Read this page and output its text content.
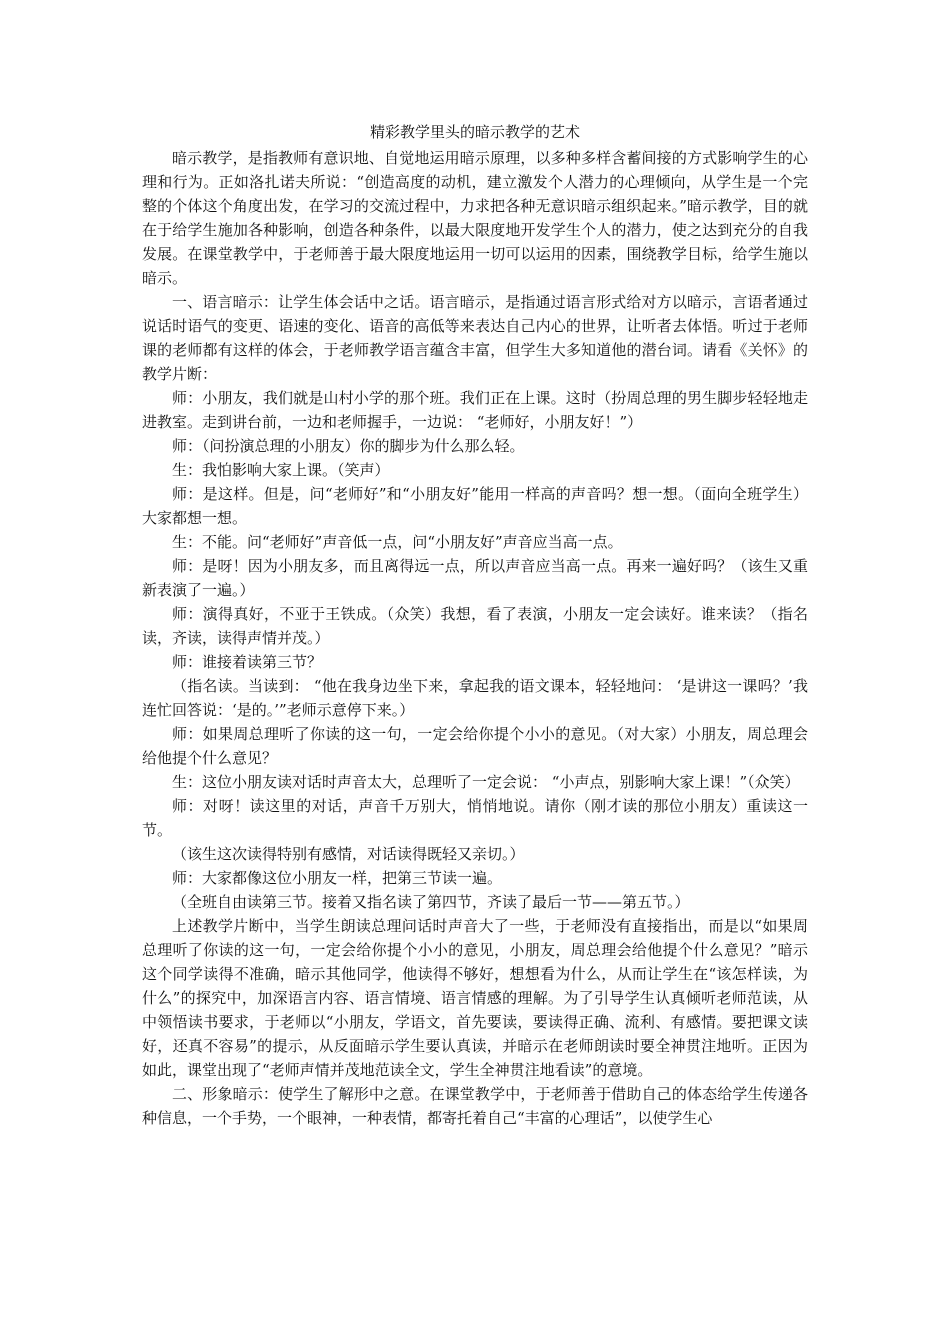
精彩教学里头的暗示教学的艺术

暗示教学，是指教师有意识地、自觉地运用暗示原理，以多种多样含蓄间接的方式影响学生的心理和行为。正如洛扎诺夫所说：“创造高度的动机，建立激发个人潜力的心理倾向，从学生是一个完整的个体这个角度出发，在学习的交流过程中，力求把各种无意识暗示组织起来。”暗示教学，目的就在于给学生施加各种影响，创造各种条件，以最大限度地开发学生个人的潜力，使之达到充分的自我发展。在课堂教学中，于老师善于最大限度地运用一切可以运用的因素，围绕教学目标，给学生施以暗示。

一、语言暗示：让学生体会话中之话。语言暗示，是指通过语言形式给对方以暗示，言语者通过说话时语气的变更、语速的变化、语音的高低等来表达自己内心的世界，让听者去体悟。听过于老师课的老师都有这样的体会，于老师教学语言蕴含丰富，但学生大多知道他的潜台词。请看《关怀》的教学片断：

师：小朋友，我们就是山村小学的那个班。我们正在上课。这时（扮周总理的男生脚步轻轻地走进教室。走到讲台前，一边和老师握手，一边说： “老师好，小朋友好！”）

师：（问扮演总理的小朋友）你的脚步为什么那么轻。

生：我怕影响大家上课。（笑声）

师：是这样。但是，问“老师好”和“小朋友好”能用一样高的声音吗？想一想。（面向全班学生）大家都想一想。

生：不能。问“老师好”声音低一点，问“小朋友好”声音应当高一点。

师：是呀！因为小朋友多，而且离得远一点，所以声音应当高一点。再来一遍好吗？（该生又重新表演了一遍。）

师：演得真好，不亚于王铁成。（众笑）我想，看了表演，小朋友一定会读好。谁来读？（指名读，齐读，读得声情并茂。）

师：谁接着读第三节？

（指名读。当读到： “他在我身边坐下来，拿起我的语文课本，轻轻地问： ‘是讲这一课吗？’我连忙回答说：‘是的。’”老师示意停下来。）

师：如果周总理听了你读的这一句，一定会给你提个小小的意见。（对大家）小朋友，周总理会给他提个什么意见？

生：这位小朋友读对话时声音太大，总理听了一定会说： “小声点，别影响大家上课！”（众笑）

师：对呀！读这里的对话，声音千万别大，悄悄地说。请你（刚才读的那位小朋友）重读这一节。

（该生这次读得特别有感情，对话读得既轻又亲切。）

师：大家都像这位小朋友一样，把第三节读一遍。

（全班自由读第三节。接着又指名读了第四节，齐读了最后一节——第五节。）

上述教学片断中，当学生朗读总理问话时声音大了一些，于老师没有直接指出，而是以“如果周总理听了你读的这一句，一定会给你提个小小的意见，小朋友，周总理会给他提个什么意见？”暗示这个同学读得不准确，暗示其他同学，他读得不够好，想想看为什么，从而让学生在“该怎样读，为什么”的探究中，加深语言内容、语言情境、语言情感的理解。为了引导学生认真倾听老师范读，从中领悟读书要求，于老师以“小朋友，学语文，首先要读，要读得正确、流利、有感情。要把课文读好，还真不容易”的提示，从反面暗示学生要认真读，并暗示在老师朗读时要全神贯注地听。正因为如此，课堂出现了“老师声情并茂地范读全文，学生全神贯注地看读”的意境。

二、形象暗示：使学生了解形中之意。在课堂教学中，于老师善于借助自己的体态给学生传递各种信息，一个手势，一个眼神，一种表情，都寄托着自己“丰富的心理话”，以使学生心
